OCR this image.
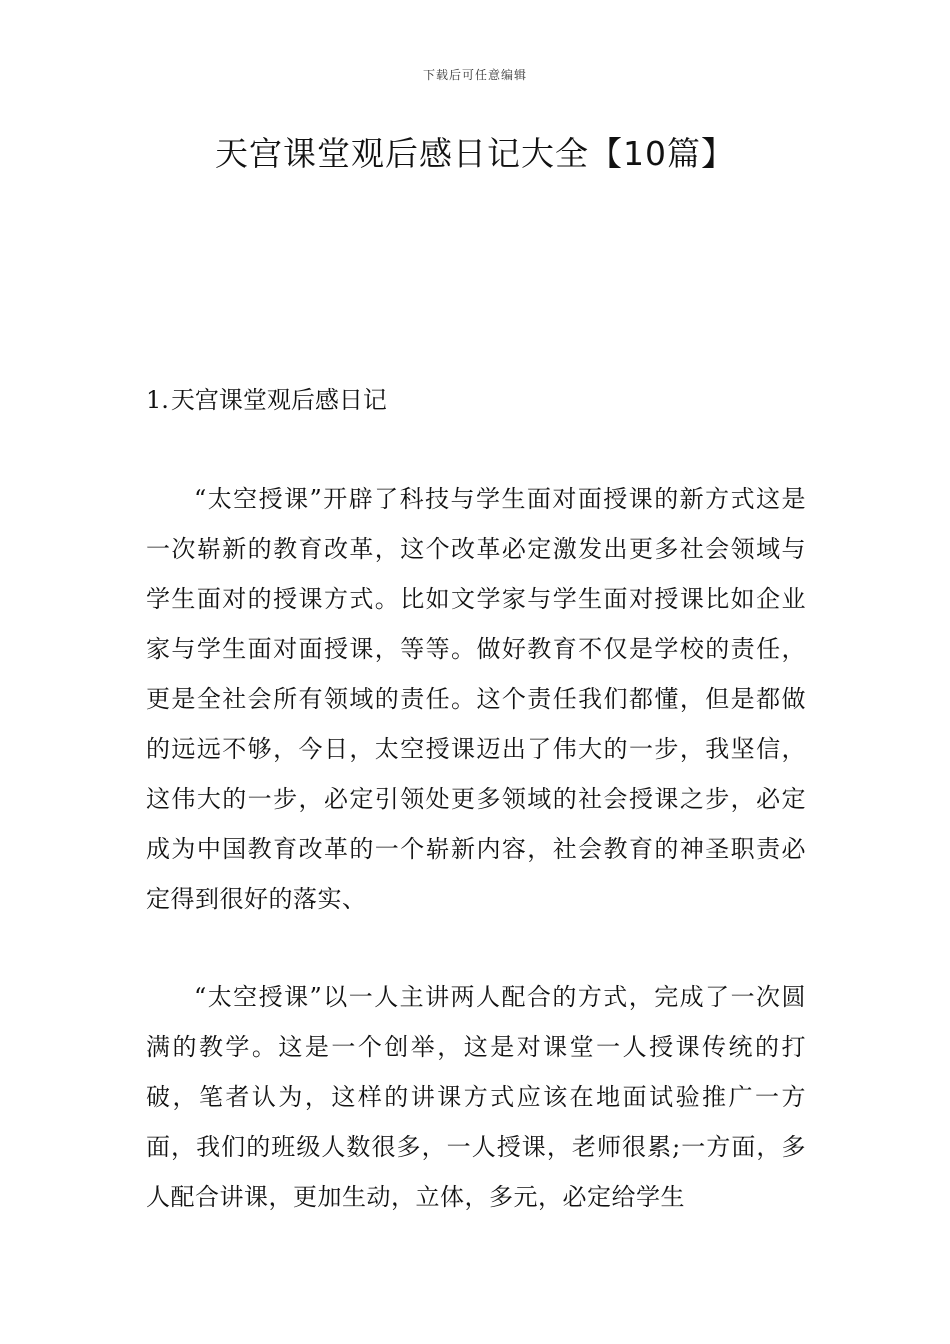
下载后可任意编辑
天宫课堂观后感日记大全【10篇】
1.天宫课堂观后感日记

“太空授课”开辟了科技与学生面对面授课的新方式这是一次崭新的教育改革，这个改革必定激发出更多社会领域与学生面对的授课方式。比如文学家与学生面对授课比如企业家与学生面对面授课，等等。做好教育不仅是学校的责任，更是全社会所有领域的责任。这个责任我们都懂，但是都做的远远不够，今日，太空授课迈出了伟大的一步，我坚信，这伟大的一步，必定引领处更多领域的社会授课之步，必定成为中国教育改革的一个崭新内容，社会教育的神圣职责必定得到很好的落实、

“太空授课”以一人主讲两人配合的方式，完成了一次圆满的教学。这是一个创举，这是对课堂一人授课传统的打破，笔者认为，这样的讲课方式应该在地面试验推广一方面，我们的班级人数很多，一人授课，老师很累;一方面，多人配合讲课，更加生动，立体，多元，必定给学生
